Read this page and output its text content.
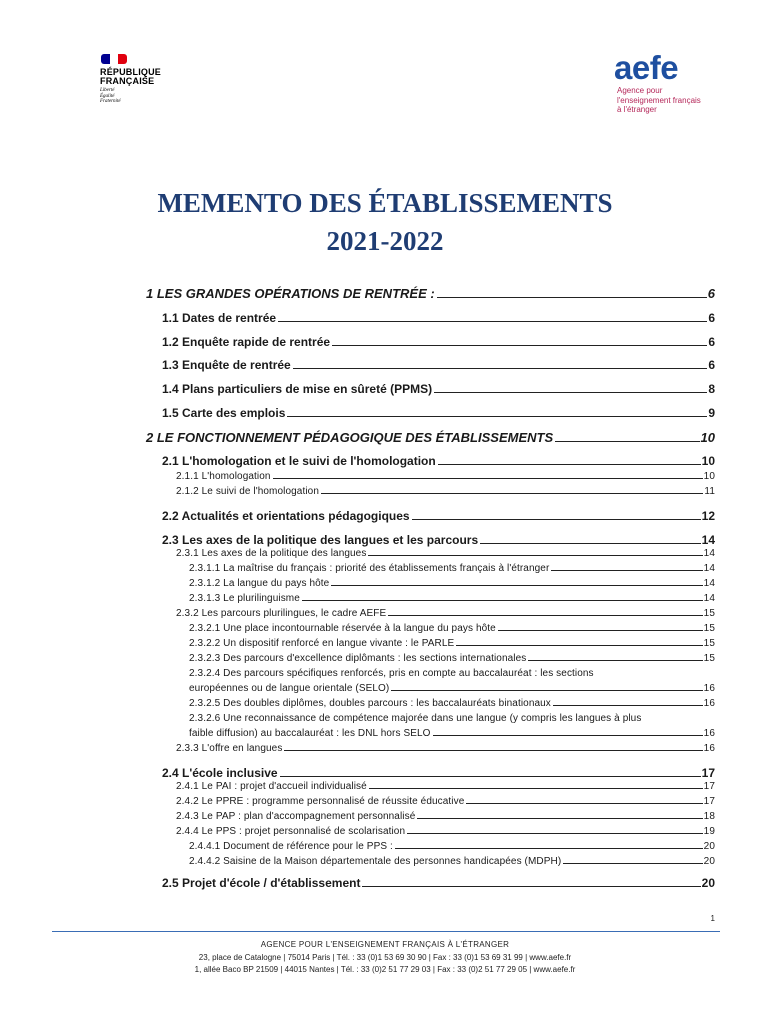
RÉPUBLIQUE
FRANÇAISE
Liberté
Égalité
Fraternité
aefe
Agence pour
l'enseignement français
à l'étranger
MEMENTO DES ÉTABLISSEMENTS
2021-2022
1 LES GRANDES OPÉRATIONS DE RENTRÉE :	6
1.1 Dates de rentrée	6
1.2 Enquête rapide de rentrée	6
1.3 Enquête de rentrée	6
1.4 Plans particuliers de mise en sûreté (PPMS)	8
1.5 Carte des emplois	9
2 LE FONCTIONNEMENT PÉDAGOGIQUE DES ÉTABLISSEMENTS	10
2.1 L'homologation et le suivi de l'homologation	10
2.1.1 L'homologation	10
2.1.2 Le suivi de l'homologation	11
2.2 Actualités et orientations pédagogiques	12
2.3 Les axes de la politique des langues et les parcours	14
2.3.1 Les axes de la politique des langues	14
2.3.1.1 La maîtrise du français : priorité des établissements français à l'étranger	14
2.3.1.2 La langue du pays hôte	14
2.3.1.3 Le plurilinguisme	14
2.3.2 Les parcours plurilingues, le cadre AEFE	15
2.3.2.1 Une place incontournable réservée à la langue du pays hôte	15
2.3.2.2 Un dispositif renforcé en langue vivante : le PARLE	15
2.3.2.3 Des parcours d'excellence diplômants : les sections internationales	15
2.3.2.4 Des parcours spécifiques renforcés, pris en compte au baccalauréat : les sections
européennes ou de langue orientale (SELO)	16
2.3.2.5 Des doubles diplômes, doubles parcours : les baccalauréats binationaux	16
2.3.2.6 Une reconnaissance de compétence majorée dans une langue (y compris les langues à plus
faible diffusion) au baccalauréat : les DNL hors SELO	16
2.3.3 L'offre en langues	16
2.4 L'école inclusive	17
2.4.1 Le PAI : projet d'accueil individualisé	17
2.4.2 Le PPRE : programme personnalisé de réussite éducative	17
2.4.3 Le PAP : plan d'accompagnement personnalisé	18
2.4.4 Le PPS : projet personnalisé de scolarisation	19
2.4.4.1 Document de référence pour le PPS :	20
2.4.4.2 Saisine de la Maison départementale des personnes handicapées (MDPH)	20
2.5 Projet d'école / d'établissement	20
1
AGENCE POUR L'ENSEIGNEMENT FRANÇAIS À L'ÉTRANGER
23, place de Catalogne | 75014 Paris | Tél. : 33 (0)1 53 69 30 90 | Fax : 33 (0)1 53 69 31 99 | www.aefe.fr
1, allée Baco BP 21509 | 44015 Nantes | Tél. : 33 (0)2 51 77 29 03 | Fax : 33 (0)2 51 77 29 05 | www.aefe.fr
